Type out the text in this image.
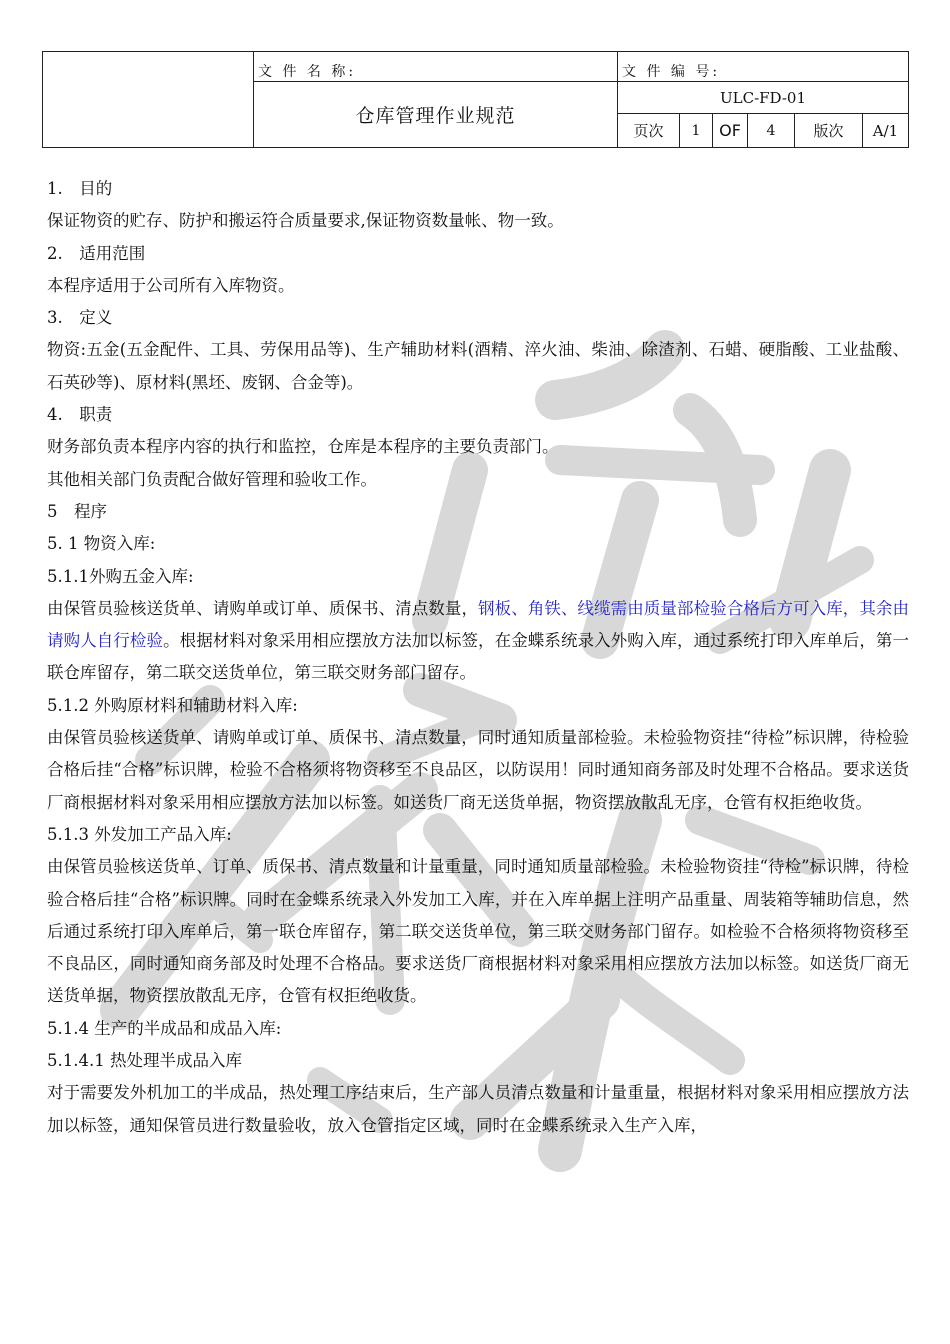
	文 件 名 称:	文 件 编 号:					
	仓库管理作业规范	ULC-FD-01					
		页次	1	OF	4	版次	A/1

1.　目的

保证物资的贮存、防护和搬运符合质量要求,保证物资数量帐、物一致。

2.　适用范围

本程序适用于公司所有入库物资。

3.　定义

物资:五金(五金配件、工具、劳保用品等)、生产辅助材料(酒精、淬火油、柴油、除渣剂、石蜡、硬脂酸、工业盐酸、石英砂等)、原材料(黑坯、废钢、合金等)。

4.　职责

财务部负责本程序内容的执行和监控，仓库是本程序的主要负责部门。

其他相关部门负责配合做好管理和验收工作。

5　程序

5. 1 物资入库:

5.1.1外购五金入库:

由保管员验核送货单、请购单或订单、质保书、清点数量，钢板、角铁、线缆需由质量部检验合格后方可入库，其余由请购人自行检验。根据材料对象采用相应摆放方法加以标签，在金蝶系统录入外购入库，通过系统打印入库单后，第一联仓库留存，第二联交送货单位，第三联交财务部门留存。

5.1.2 外购原材料和辅助材料入库:

由保管员验核送货单、请购单或订单、质保书、清点数量，同时通知质量部检验。未检验物资挂“待检”标识牌，待检验合格后挂“合格”标识牌，检验不合格须将物资移至不良品区，以防误用！同时通知商务部及时处理不合格品。要求送货厂商根据材料对象采用相应摆放方法加以标签。如送货厂商无送货单据，物资摆放散乱无序，仓管有权拒绝收货。

5.1.3 外发加工产品入库:

由保管员验核送货单、订单、质保书、清点数量和计量重量，同时通知质量部检验。未检验物资挂“待检”标识牌，待检验合格后挂“合格”标识牌。同时在金蝶系统录入外发加工入库，并在入库单据上注明产品重量、周装箱等辅助信息，然后通过系统打印入库单后，第一联仓库留存，第二联交送货单位，第三联交财务部门留存。如检验不合格须将物资移至不良品区，同时通知商务部及时处理不合格品。要求送货厂商根据材料对象采用相应摆放方法加以标签。如送货厂商无送货单据，物资摆放散乱无序，仓管有权拒绝收货。

5.1.4 生产的半成品和成品入库:

5.1.4.1 热处理半成品入库

对于需要发外机加工的半成品，热处理工序结束后，生产部人员清点数量和计量重量，根据材料对象采用相应摆放方法加以标签，通知保管员进行数量验收，放入仓管指定区域，同时在金蝶系统录入生产入库，
